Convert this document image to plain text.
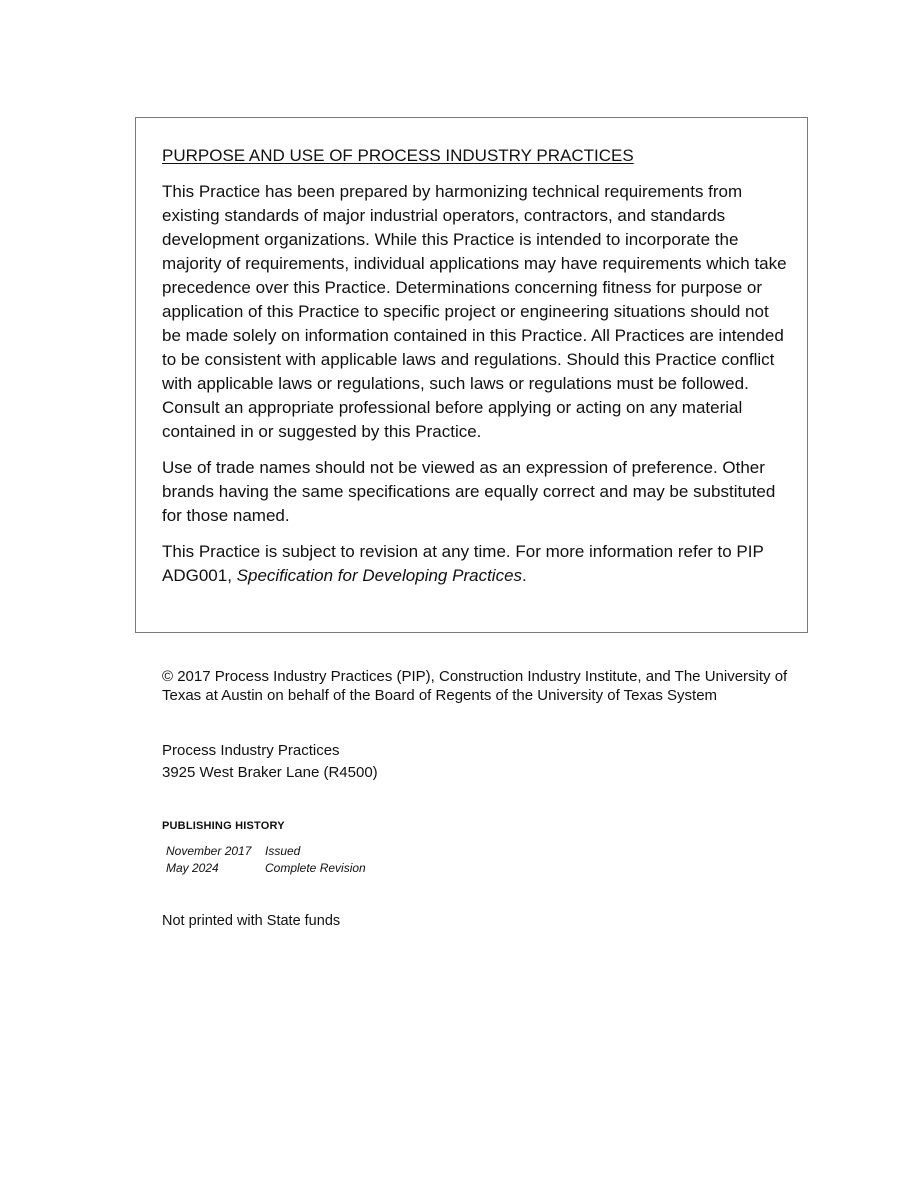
PURPOSE AND USE OF PROCESS INDUSTRY PRACTICES

This Practice has been prepared by harmonizing technical requirements from existing standards of major industrial operators, contractors, and standards development organizations. While this Practice is intended to incorporate the majority of requirements, individual applications may have requirements which take precedence over this Practice. Determinations concerning fitness for purpose or application of this Practice to specific project or engineering situations should not be made solely on information contained in this Practice. All Practices are intended to be consistent with applicable laws and regulations. Should this Practice conflict with applicable laws or regulations, such laws or regulations must be followed. Consult an appropriate professional before applying or acting on any material contained in or suggested by this Practice.

Use of trade names should not be viewed as an expression of preference. Other brands having the same specifications are equally correct and may be substituted for those named.

This Practice is subject to revision at any time. For more information refer to PIP ADG001, Specification for Developing Practices.

© 2017 Process Industry Practices (PIP), Construction Industry Institute, and The University of Texas at Austin on behalf of the Board of Regents of the University of Texas System

Process Industry Practices
3925 West Braker Lane (R4500)
PUBLISHING HISTORY
November 2017	Issued
May 2024	Complete Revision

Not printed with State funds
